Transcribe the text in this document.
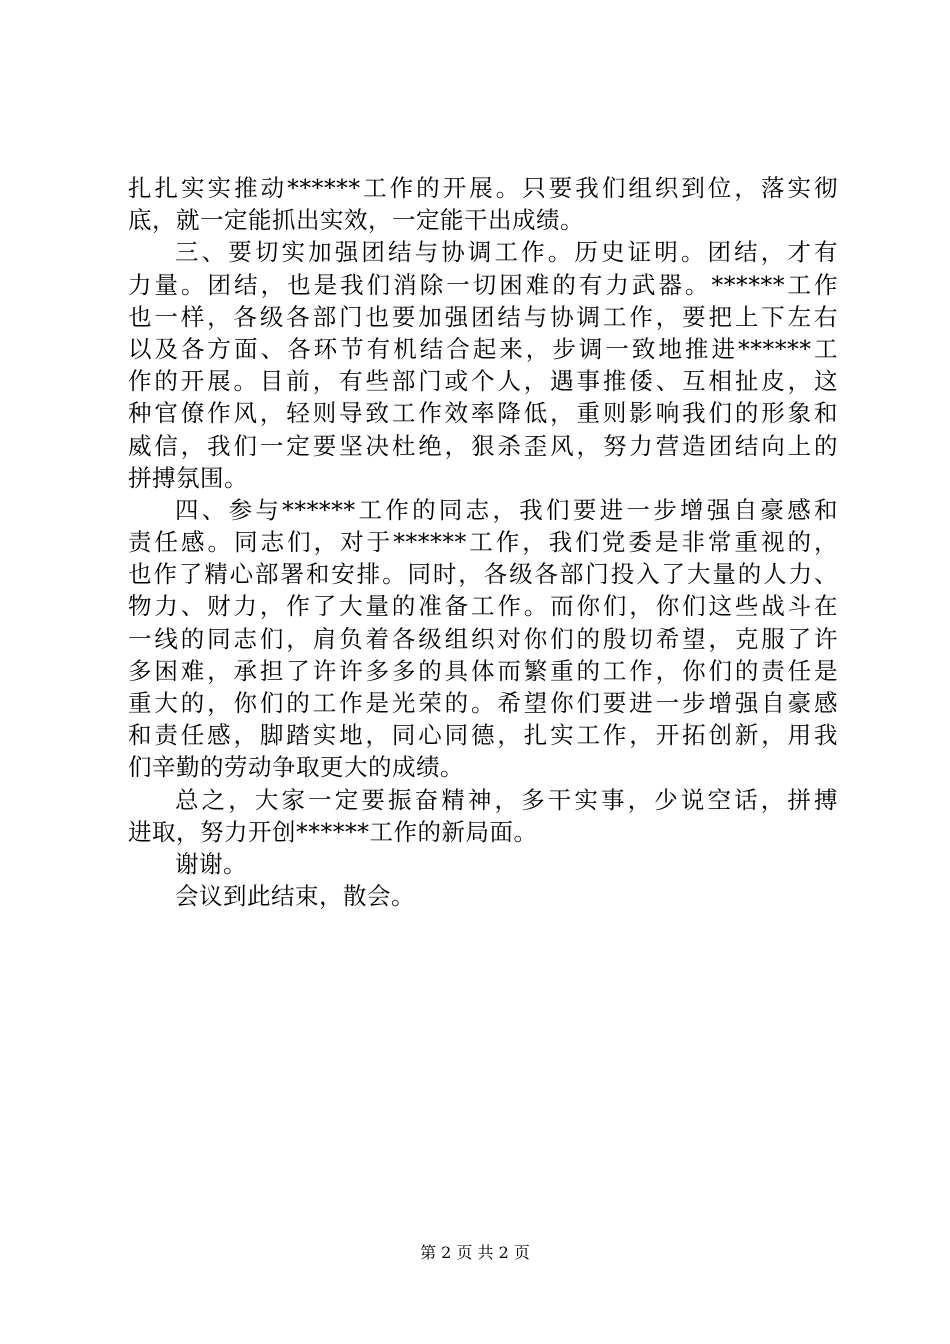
扎扎实实推动******工作的开展。只要我们组织到位，落实彻
底，就一定能抓出实效，一定能干出成绩。
三、要切实加强团结与协调工作。历史证明。团结，才有
力量。团结，也是我们消除一切困难的有力武器。******工作
也一样，各级各部门也要加强团结与协调工作，要把上下左右
以及各方面、各环节有机结合起来，步调一致地推进******工
作的开展。目前，有些部门或个人，遇事推倭、互相扯皮，这
种官僚作风，轻则导致工作效率降低，重则影响我们的形象和
威信，我们一定要坚决杜绝，狠杀歪风，努力营造团结向上的
拼搏氛围。
四、参与******工作的同志，我们要进一步增强自豪感和
责任感。同志们，对于******工作，我们党委是非常重视的，
也作了精心部署和安排。同时，各级各部门投入了大量的人力、
物力、财力，作了大量的准备工作。而你们，你们这些战斗在
一线的同志们，肩负着各级组织对你们的殷切希望，克服了许
多困难，承担了许许多多的具体而繁重的工作，你们的责任是
重大的，你们的工作是光荣的。希望你们要进一步增强自豪感
和责任感，脚踏实地，同心同德，扎实工作，开拓创新，用我
们辛勤的劳动争取更大的成绩。
总之，大家一定要振奋精神，多干实事，少说空话，拼搏
进取，努力开创******工作的新局面。
谢谢。
会议到此结束，散会。
第 2 页 共 2 页
